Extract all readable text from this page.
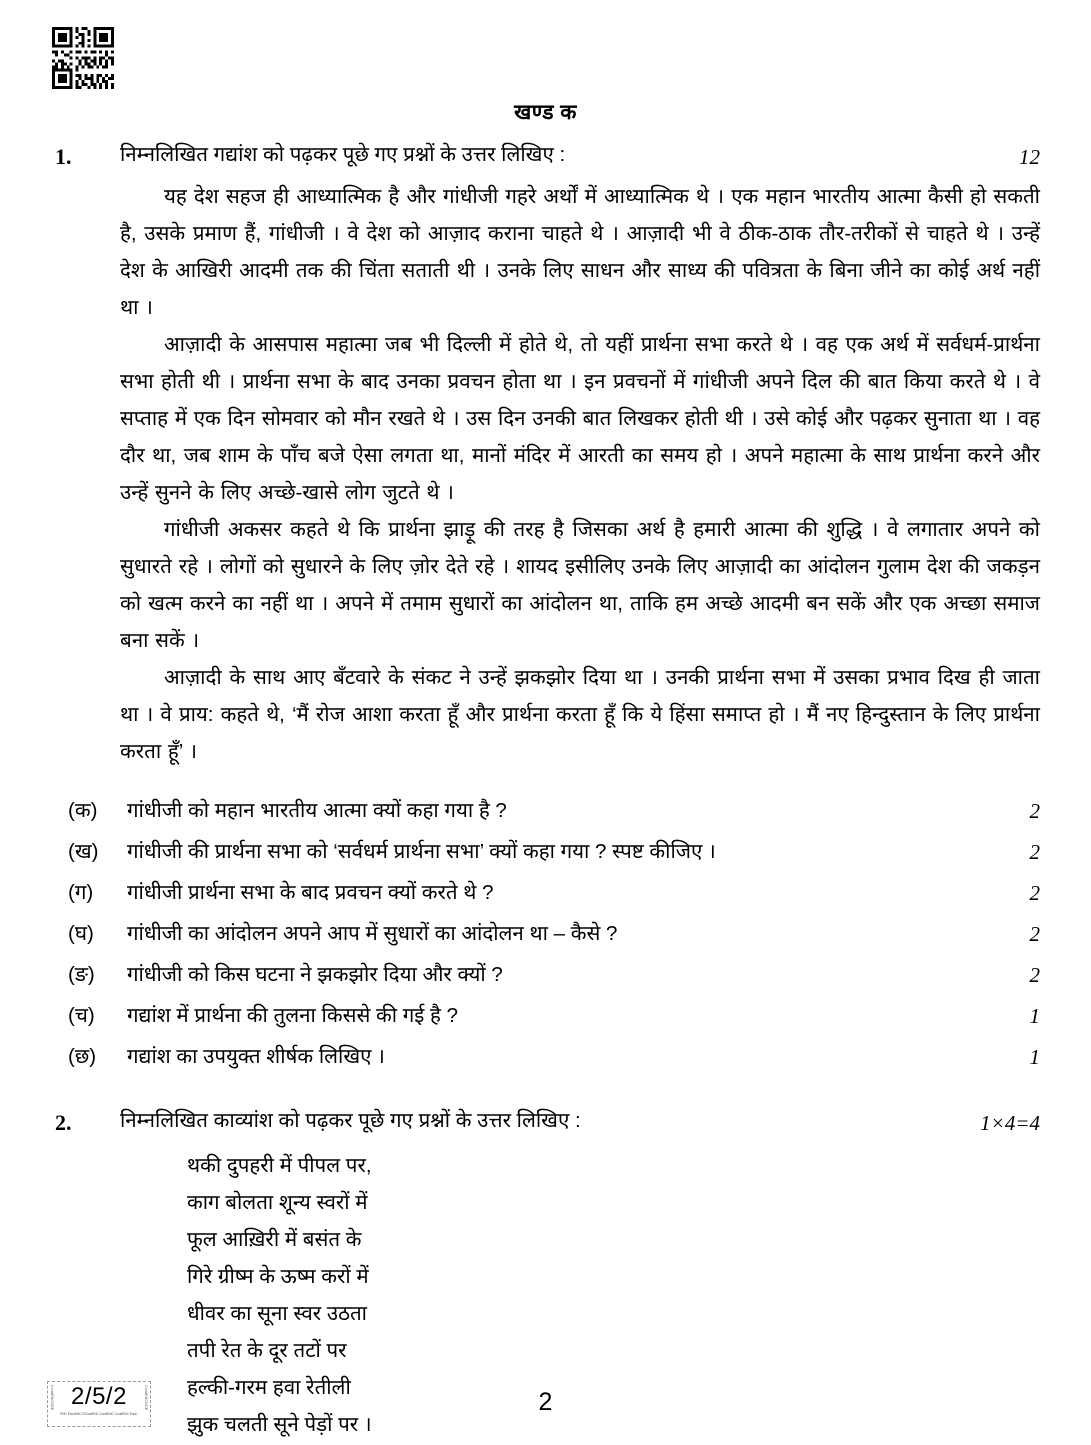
खण्ड क
1.	निम्नलिखित गद्यांश को पढ़कर पूछे गए प्रश्नों के उत्तर लिखिए :	12

यह देश सहज ही आध्यात्मिक है और गांधीजी गहरे अर्थों में आध्यात्मिक थे । एक महान भारतीय आत्मा कैसी हो सकती है, उसके प्रमाण हैं, गांधीजी । वे देश को आज़ाद कराना चाहते थे । आज़ादी भी वे ठीक-ठाक तौर-तरीकों से चाहते थे । उन्हें देश के आखिरी आदमी तक की चिंता सताती थी । उनके लिए साधन और साध्य की पवित्रता के बिना जीने का कोई अर्थ नहीं था ।

आज़ादी के आसपास महात्मा जब भी दिल्ली में होते थे, तो यहीं प्रार्थना सभा करते थे । वह एक अर्थ में सर्वधर्म-प्रार्थना सभा होती थी । प्रार्थना सभा के बाद उनका प्रवचन होता था । इन प्रवचनों में गांधीजी अपने दिल की बात किया करते थे । वे सप्ताह में एक दिन सोमवार को मौन रखते थे । उस दिन उनकी बात लिखकर होती थी । उसे कोई और पढ़कर सुनाता था । वह दौर था, जब शाम के पाँच बजे ऐसा लगता था, मानों मंदिर में आरती का समय हो । अपने महात्मा के साथ प्रार्थना करने और उन्हें सुनने के लिए अच्छे-खासे लोग जुटते थे ।

गांधीजी अकसर कहते थे कि प्रार्थना झाड़ू की तरह है जिसका अर्थ है हमारी आत्मा की शुद्धि । वे लगातार अपने को सुधारते रहे । लोगों को सुधारने के लिए ज़ोर देते रहे । शायद इसीलिए उनके लिए आज़ादी का आंदोलन गुलाम देश की जकड़न को खत्म करने का नहीं था । अपने में तमाम सुधारों का आंदोलन था, ताकि हम अच्छे आदमी बन सकें और एक अच्छा समाज बना सकें ।

आज़ादी के साथ आए बँटवारे के संकट ने उन्हें झकझोर दिया था । उनकी प्रार्थना सभा में उसका प्रभाव दिख ही जाता था । वे प्राय: कहते थे, ‘मैं रोज आशा करता हूँ और प्रार्थना करता हूँ कि ये हिंसा समाप्त हो । मैं नए हिन्दुस्तान के लिए प्रार्थना करता हूँ’ ।

(क)	गांधीजी को महान भारतीय आत्मा क्यों कहा गया है ?	2
(ख)	गांधीजी की प्रार्थना सभा को ‘सर्वधर्म प्रार्थना सभा’ क्यों कहा गया ? स्पष्ट कीजिए ।	2
(ग)	गांधीजी प्रार्थना सभा के बाद प्रवचन क्यों करते थे ?	2
(घ)	गांधीजी का आंदोलन अपने आप में सुधारों का आंदोलन था – कैसे ?	2
(ङ)	गांधीजी को किस घटना ने झकझोर दिया और क्यों ?	2
(च)	गद्यांश में प्रार्थना की तुलना किससे की गई है ?	1
(छ)	गद्यांश का उपयुक्त शीर्षक लिखिए ।	1
2.	निम्नलिखित काव्यांश को पढ़कर पूछे गए प्रश्नों के उत्तर लिखिए :	1×4=4
थकी दुपहरी में पीपल पर,
काग बोलता शून्य स्वरों में
फूल आख़िरी में बसंत के
गिरे ग्रीष्म के ऊष्म करों में
धीवर का सूना स्वर उठता
तपी रेत के दूर तटों पर
हल्की-गरम हवा रेतीली
झुक चलती सूने पेड़ों पर ।
CondENCODE	CondENCODE
2/5/2
ENC EncoENC ECondENC CondENC CondENC Encs	2
